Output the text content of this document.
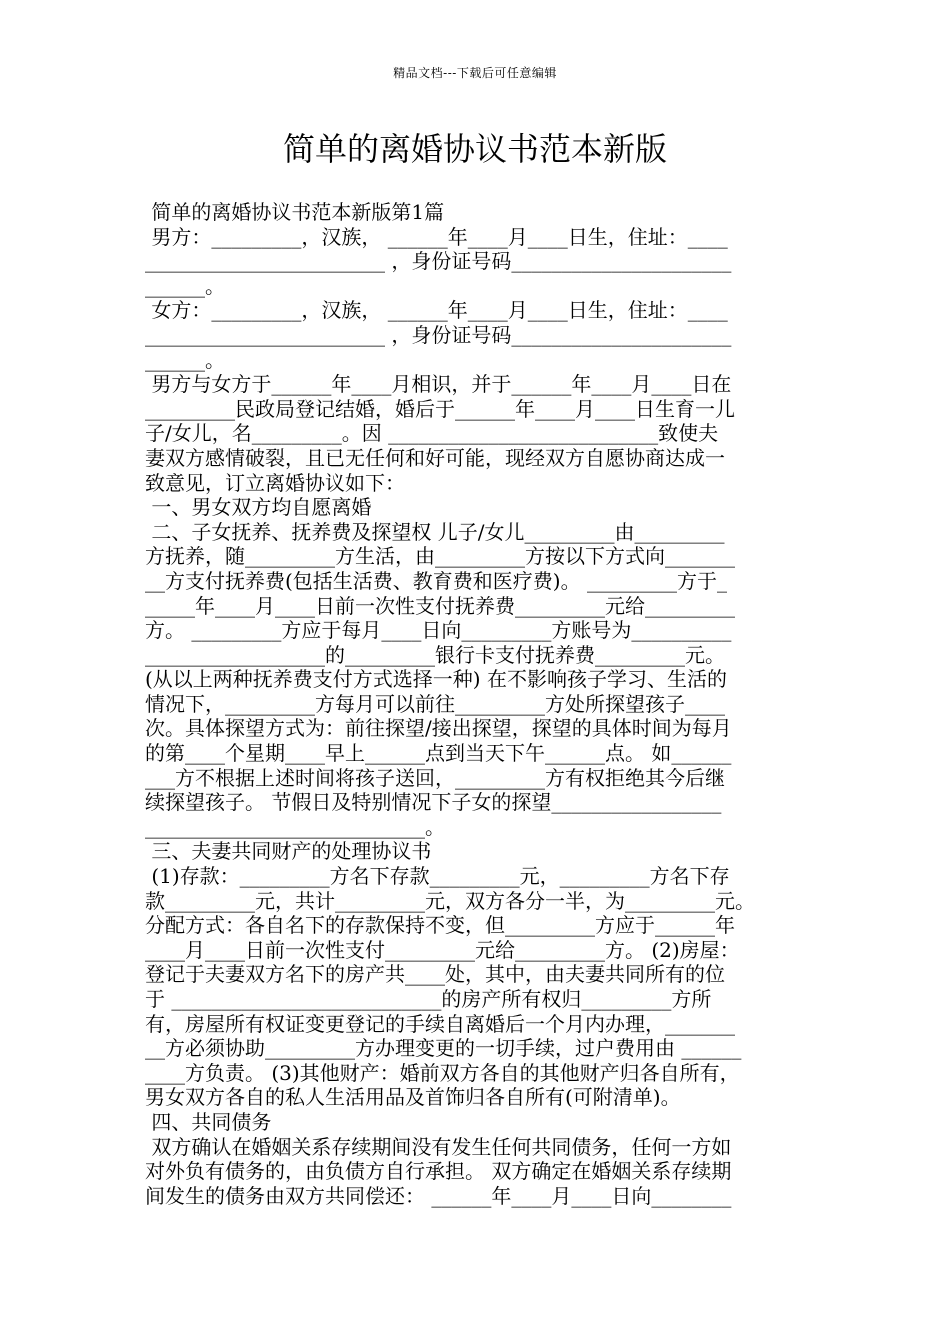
精品文档---下载后可任意编辑
简单的离婚协议书范本新版
简单的离婚协议书范本新版第1篇
男方：_________，汉族， ______年____月____日生，住址：____
________________________ ，身份证号码______________________
______。
女方：_________，汉族， ______年____月____日生，住址：____
________________________ ，身份证号码______________________
______。
男方与女方于______年____月相识，并于______年____月____日在
_________民政局登记结婚，婚后于______年____月____日生育一儿
子/女儿，名_________。因 ___________________________致使夫
妻双方感情破裂，且已无任何和好可能，现经双方自愿协商达成一
致意见，订立离婚协议如下：
一、男女双方均自愿离婚
二、子女抚养、抚养费及探望权 儿子/女儿_________由_________
方抚养，随_________方生活，由_________方按以下方式向_______
__方支付抚养费(包括生活费、教育费和医疗费)。 _________方于_
_____年____月____日前一次性支付抚养费_________元给_________
方。 _________方应于每月____日向_________方账号为__________
__________________的_________银行卡支付抚养费_________元。
(从以上两种抚养费支付方式选择一种) 在不影响孩子学习、生活的
情况下，_________方每月可以前往_________方处所探望孩子____
次。具体探望方式为：前往探望/接出探望，探望的具体时间为每月
的第____个星期____早上______点到当天下午______点。 如______
___方不根据上述时间将孩子送回，_________方有权拒绝其今后继
续探望孩子。 节假日及特别情况下子女的探望_________________
____________________________。
三、夫妻共同财产的处理协议书
(1)存款：_________方名下存款_________元，_________方名下存
款_________元，共计_________元，双方各分一半，为_________元。
分配方式：各自名下的存款保持不变，但_________方应于______年
____月____日前一次性支付_________元给_________方。 (2)房屋：
登记于夫妻双方名下的房产共____处，其中，由夫妻共同所有的位
于 ___________________________的房产所有权归_________方所
有，房屋所有权证变更登记的手续自离婚后一个月内办理，_______
__方必须协助_________方办理变更的一切手续，过户费用由 ______
____方负责。 (3)其他财产：婚前双方各自的其他财产归各自所有，
男女双方各自的私人生活用品及首饰归各自所有(可附清单)。
四、共同债务
双方确认在婚姻关系存续期间没有发生任何共同债务，任何一方如
对外负有债务的，由负债方自行承担。 双方确定在婚姻关系存续期
间发生的债务由双方共同偿还： ______年____月____日向________
